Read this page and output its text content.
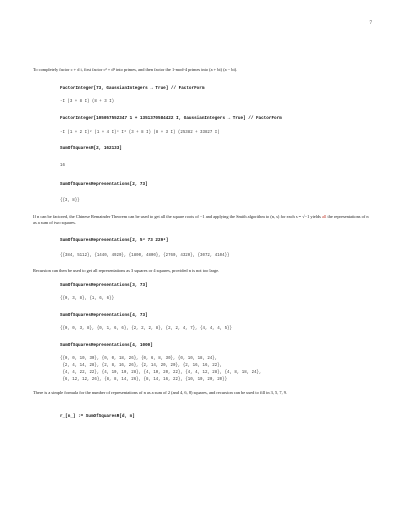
7

To completely factor c + d i, first factor c² + d² into primes, and then factor the 1-mod-4 primes into (a + bi) (a − bi).

FactorInteger[73, GaussianIntegers → True] // FactorForm
-I (3 + 8 I) (8 + 3 I)
FactorInteger[105057552347 1 + 1351370584422 I, GaussianIntegers → True] // FactorForm
-I (1 + 2 I)² (1 + 4 I)⁴ I³ (3 + 8 I) (8 + 3 I) (25382 + 33827 I)
SumOfSquaresR[2, 162133]
16
SumOfSquaresRepresentations[2, 73]
{{3, 8}}

If n can be factored, the Chinese Remainder Theorem can be used to get all the square roots of −1 and applying the Smith algorithm to (n, s) for each s = √−1 yields all the representations of n as a sum of two squares.

SumOfSquaresRepresentations[2, 5³ 73 229²]
{{384, 5112}, {1440, 4920}, {1800, 4800}, {2760, 4320}, {3072, 4104}}

Recursion can then be used to get all representations as 3 squares or 4 squares, provided n is not too large.

SumOfSquaresRepresentations[3, 73]
{{0, 3, 8}, {1, 6, 6}}
SumOfSquaresRepresentations[4, 73]
{{0, 0, 3, 8}, {0, 1, 6, 6}, {2, 2, 2, 8}, {2, 2, 4, 7}, {4, 4, 4, 5}}
SumOfSquaresRepresentations[4, 1000]
{{0, 0, 10, 30}, {0, 0, 18, 26}, {0, 6, 8, 30}, {0, 10, 18, 24},
{2, 4, 14, 28}, {2, 8, 16, 26}, {2, 14, 20, 20}, {2, 16, 16, 22},
{4, 4, 22, 22}, {4, 10, 10, 28}, {4, 10, 20, 22}, {4, 4, 12, 28}, {4, 8, 18, 24},
{6, 12, 12, 26}, {8, 8, 14, 26}, {8, 14, 16, 22}, {10, 10, 20, 20}}

There is a simple formula for the number of representations of n as a sum of 2 (and 4, 6, 8) squares, and recursion can be used to fill in 3, 5, 7, 9.

r_[n_] := SumOfSquaresR[d, n]
